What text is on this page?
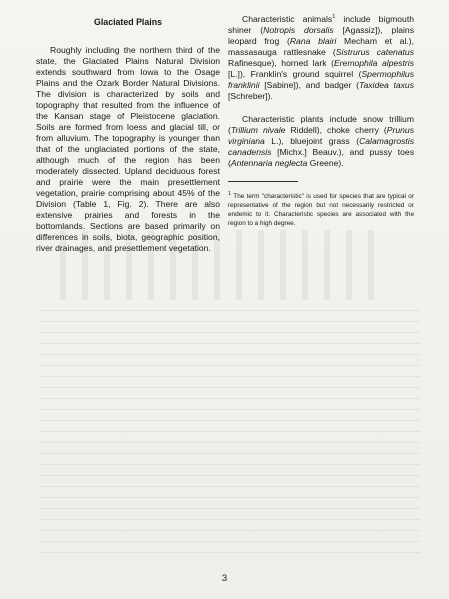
Glaciated Plains

Roughly including the northern third of the state, the Glaciated Plains Natural Division extends southward from Iowa to the Osage Plains and the Ozark Border Natural Divisions. The division is characterized by soils and topography that resulted from the influence of the Kansan stage of Pleistocene glaciation. Soils are formed from loess and glacial till, or from alluvium. The topography is younger than that of the unglaciated portions of the state, although much of the region has been moderately dissected. Upland deciduous forest and prairie were the main presettlement vegetation, prairie comprising about 45% of the Division (Table 1, Fig. 2). There are also extensive prairies and forests in the bottomlands. Sections are based primarily on differences in soils, biota, geographic position, river drainages, and presettlement vegetation.

Characteristic animals$^1$ include bigmouth shiner (Notropis dorsalis [Agassiz]), plains leopard frog (Rana blairi Mecham et al.), massasauga rattlesnake (Sistrurus catenatus Rafinesque), horned lark (Eremophila alpestris [L.]), Franklin's ground squirrel (Spermophilus franklinii [Sabine]), and badger (Taxidea taxus [Schreber]).

Characteristic plants include snow trillium (Trillium nivale Riddell), choke cherry (Prunus virginiana L.), bluejoint grass (Calamagrostis canadensis [Michx.] Beauv.), and pussy toes (Antennaria neglecta Greene).

$^1$ The term "characteristic" is used for species that are typical or representative of the region but not necessarily restricted or endemic to it. Characteristic species are associated with the region to a high degree.
3
